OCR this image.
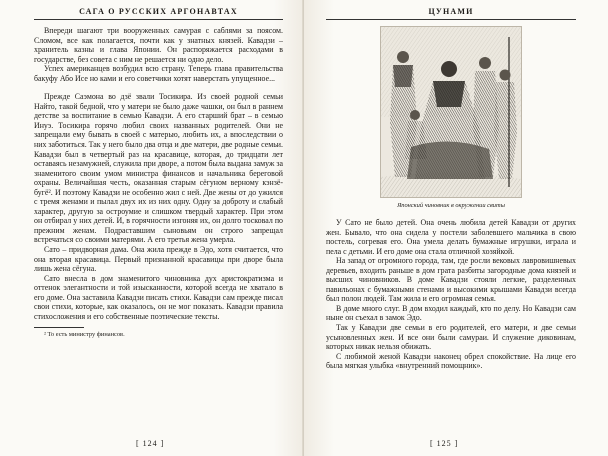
САГА О РУССКИХ АРГОНАВТАХ

Впереди шагают три вооруженных самурая с саблями за поясом. Сломом, все как полагается, почти как у знатных князей. Кавадзи – хранитель казны и глава Японии. Он распоряжается расходами в государстве, без совета с ним не решается ни одно дело.

Успех американцев возбудил всю страну. Теперь глава правительства бакуфу Або Исе но ками и его советчики хотят наверстать упущенное...

Прежде Саэмона во дзё звали Тосикира. Из своей родной семьи Найто, такой бедной, что у матери не было даже чашки, он был в раннем детстве за воспитание в семью Кавадзи. А его старший брат – в семью Инуэ. Тосикира горячо любил своих названных родителей. Они не запрещали ему бывать в своей с матерью, любить их, а впоследствии о них заботиться. Так у него было два отца и две матери, две родные семьи. Кавадзи был в четвертый раз на красавице, которая, до тридцати лет оставаясь незамужней, служила при дворе, а потом была выдана замуж за знаменитого своим умом министра финансов и начальника береговой охраны. Величайшая честь, оказанная старым сёгуном верному кэнзё-бугё². И поэтому Кавадзи не особенно жил с ней. Две жены от до ужился с тремя женами и пылал двух их из них одну. Одну за доброту и слабый характер, другую за остроумие и слишком твердый характер. При этом он отбирал у них детей. И, в горячности изгоняя их, он долго тосковал по прежним женам. Подраставшим сыновьям он строго запрещал встречаться со своими матерями. А его третья жена умерла.

Сато – придворная дама. Она жила прежде в Эдо, хотя считается, что она вторая красавица. Первый признанной красавицы при дворе была лишь жена сёгуна.

Сато внесла в дом знаменитого чиновника дух аристократизма и оттенок элегантности и той изысканности, которой всегда не хватало в его доме. Она заставила Кавадзи писать стихи. Кавадзи сам прежде писал свои стихи, которые, как оказалось, он не мог показать. Кавадзи правила стихосложения и его собственные поэтические тексты.

² То есть министру финансов.
[ 124 ]
ЦУНАМИ
Японский чиновник в окружении свиты

У Сато не было детей. Она очень любила детей Кавадзи от других жен. Бывало, что она сидела у постели заболевшего мальчика в свою постель, согревая его. Она умела делать бумажные игрушки, играла и пела с детьми. И его доме она стала отличной хозяйкой.

На запад от огромного города, там, где росли вековых лавровишневых деревьев, входить раньше в дом грата разбиты загородные дома князей и высших чиновников. В доме Кавадзи стояли легкие, разделенных павильонах с бумажными стенами и высокими крышами Кавадзи всегда был полон людей. Там жила и его огромная семья.

В доме много слуг. В дом входил каждый, кто по делу. Но Кавадзи сам ныне он съехал в замок Эдо.

Так у Кавадзи две семьи в его родителей, его матери, и две семьи усыновленных жен. И все они были самураи. И служение диковинам, которых никак нельзя обижать.

С любимой женой Кавадзи наконец обрел спокойствие. На лице его была мягкая улыбка «внутренний помощник».

[ 125 ]
